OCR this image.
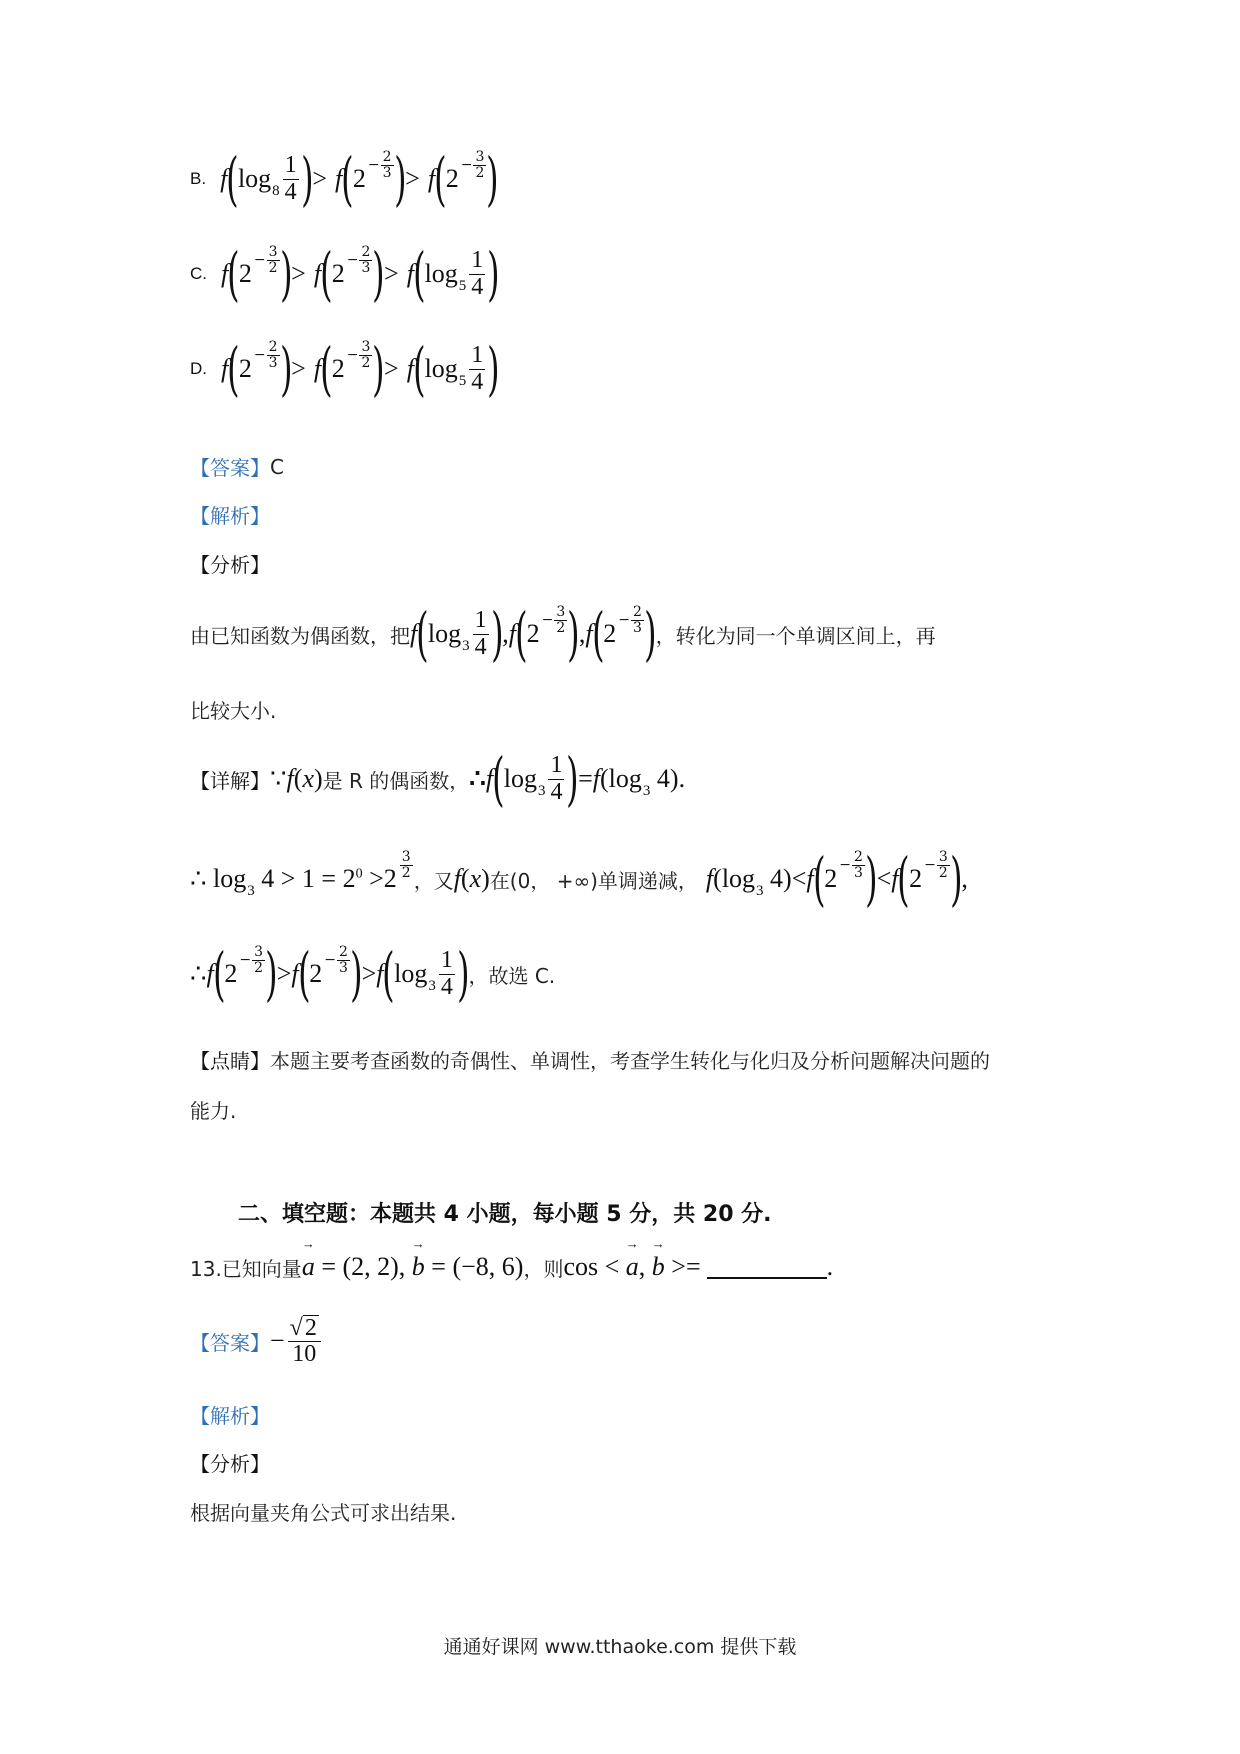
B. f ( $\log_8 \frac{1}{4}$ ) > f ( $2 - \frac{2}{3}$ ) > f ( $2 - \frac{3}{2}$ )
C. f ( $2 - \frac{3}{2}$ ) > f ( $2 - \frac{2}{3}$ ) > f ( $\log_5 \frac{1}{4}$ )
D. f ( $2 - \frac{2}{3}$ ) > f ( $2 - \frac{3}{2}$ ) > f ( $\log_5 \frac{1}{4}$ )
【答案】 C
【解析】
【分析】
由已知函数为偶函数，把 f ( $\log_3 \frac{1}{4}$ ) , f ( $2 - \frac{3}{2}$ ) , f ( $2 - \frac{2}{3}$ ) ，转化为同一个单调区间上，再
比较大小.
【详解】 ∵ f ( x ) 是 R 的偶函数， ∴ f ( $\log_3 \frac{1}{4}$ ) = f ($\log_3$ 4) .
∴ $\log_3 4 > 1 = 2^0 > 2 \frac{3}{2}$
，又 f ( x ) 在(0， +∞)单调递减， f ($\log_3$ 4) < f ( $2 - \frac{2}{3}$ ) < f ( $2 - \frac{3}{2}$ ) ,
∴ f ( $2 - \frac{3}{2}$ ) > f ( $2 - \frac{2}{3}$ ) > f ( $\log_3 \frac{1}{4}$ ) ，故选 C.
【点睛】 本题主要考查函数的奇偶性、单调性，考查学生转化与化归及分析问题解决问题的
能力.
二、填空题：本题共 4 小题，每小题 5 分，共 20 分.
13.已知向量
→ a = (2, 2), → b = (−8, 6) ，则 cos < → a, → b >=	.
【答案】 − $\frac{√ 2}{10}$
【解析】
【分析】
根据向量夹角公式可求出结果.
通通好课网 www.tthaoke.com 提供下载
